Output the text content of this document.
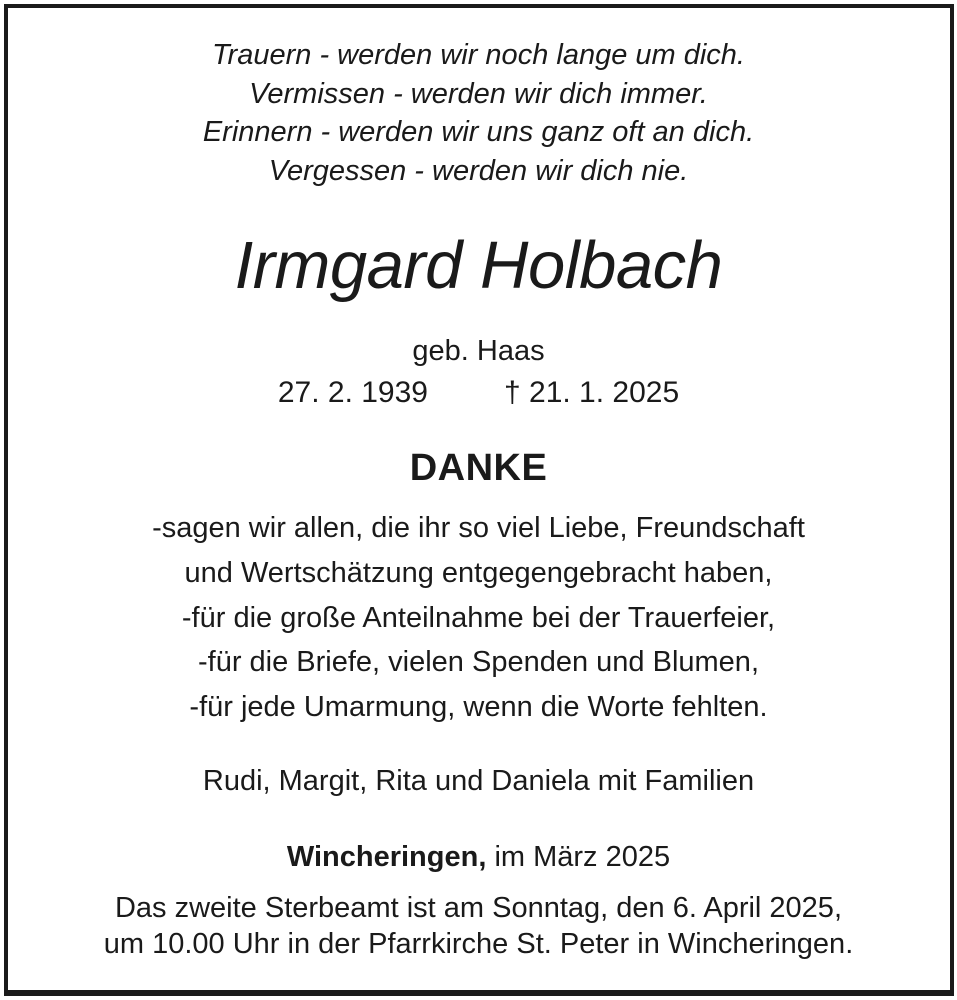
Trauern - werden wir noch lange um dich.
Vermissen - werden wir dich immer.
Erinnern - werden wir uns ganz oft an dich.
Vergessen - werden wir dich nie.
Irmgard Holbach
geb. Haas
27. 2. 1939	† 21. 1. 2025
DANKE
-sagen wir allen, die ihr so viel Liebe, Freundschaft
und Wertschätzung entgegengebracht haben,
-für die große Anteilnahme bei der Trauerfeier,
-für die Briefe, vielen Spenden und Blumen,
-für jede Umarmung, wenn die Worte fehlten.
Rudi, Margit, Rita und Daniela mit Familien
Wincheringen, im März 2025
Das zweite Sterbeamt ist am Sonntag, den 6. April 2025,
um 10.00 Uhr in der Pfarrkirche St. Peter in Wincheringen.
